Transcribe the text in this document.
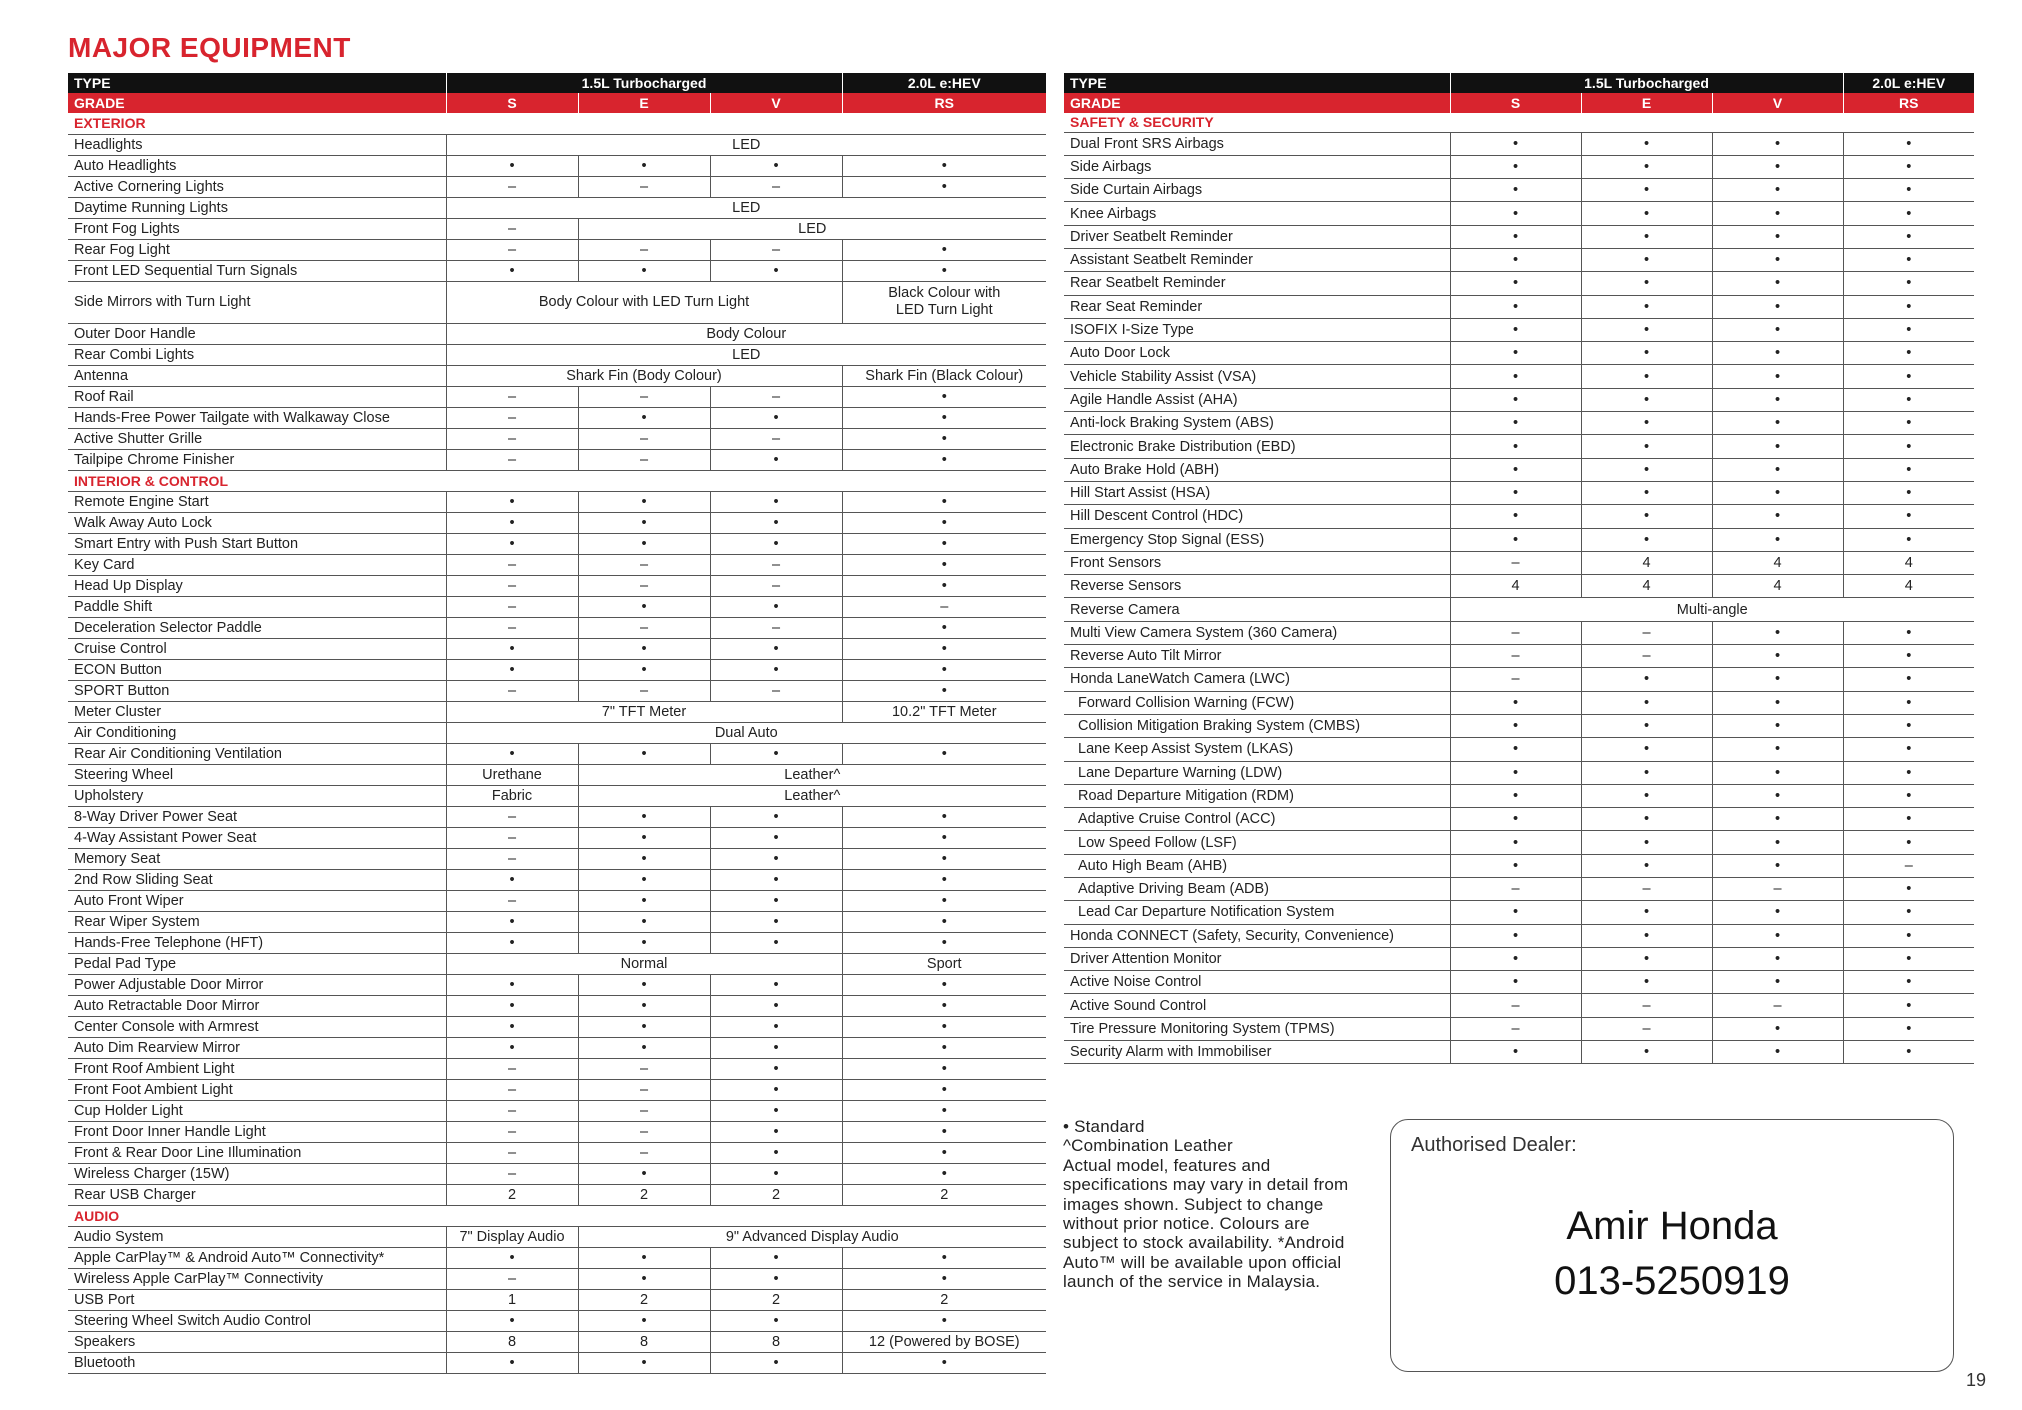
MAJOR EQUIPMENT
TYPE	1.5L Turbocharged			2.0L e:HEV
GRADE	S	E	V	RS
EXTERIOR				
Headlights	LED			
Auto Headlights	•	•	•	•
Active Cornering Lights	–	–	–	•
Daytime Running Lights	LED			
Front Fog Lights	–	LED		
Rear Fog Light	–	–	–	•
Front LED Sequential Turn Signals	•	•	•	•
Side Mirrors with Turn Light	Body Colour with LED Turn Light			Black Colour with
LED Turn Light
Outer Door Handle	Body Colour			
Rear Combi Lights	LED			
Antenna	Shark Fin (Body Colour)			Shark Fin (Black Colour)
Roof Rail	–	–	–	•
Hands-Free Power Tailgate with Walkaway Close	–	•	•	•
Active Shutter Grille	–	–	–	•
Tailpipe Chrome Finisher	–	–	•	•
INTERIOR & CONTROL				
Remote Engine Start	•	•	•	•
Walk Away Auto Lock	•	•	•	•
Smart Entry with Push Start Button	•	•	•	•
Key Card	–	–	–	•
Head Up Display	–	–	–	•
Paddle Shift	–	•	•	–
Deceleration Selector Paddle	–	–	–	•
Cruise Control	•	•	•	•
ECON Button	•	•	•	•
SPORT Button	–	–	–	•
Meter Cluster	7" TFT Meter			10.2" TFT Meter
Air Conditioning	Dual Auto			
Rear Air Conditioning Ventilation	•	•	•	•
Steering Wheel	Urethane	Leather^		
Upholstery	Fabric	Leather^		
8-Way Driver Power Seat	–	•	•	•
4-Way Assistant Power Seat	–	•	•	•
Memory Seat	–	•	•	•
2nd Row Sliding Seat	•	•	•	•
Auto Front Wiper	–	•	•	•
Rear Wiper System	•	•	•	•
Hands-Free Telephone (HFT)	•	•	•	•
Pedal Pad Type	Normal			Sport
Power Adjustable Door Mirror	•	•	•	•
Auto Retractable Door Mirror	•	•	•	•
Center Console with Armrest	•	•	•	•
Auto Dim Rearview Mirror	•	•	•	•
Front Roof Ambient Light	–	–	•	•
Front Foot Ambient Light	–	–	•	•
Cup Holder Light	–	–	•	•
Front Door Inner Handle Light	–	–	•	•
Front & Rear Door Line Illumination	–	–	•	•
Wireless Charger (15W)	–	•	•	•
Rear USB Charger	2	2	2	2
AUDIO				
Audio System	7" Display Audio	9" Advanced Display Audio		
Apple CarPlay™ & Android Auto™ Connectivity*	•	•	•	•
Wireless Apple CarPlay™ Connectivity	–	•	•	•
USB Port	1	2	2	2
Steering Wheel Switch Audio Control	•	•	•	•
Speakers	8	8	8	12 (Powered by BOSE)
Bluetooth	•	•	•	•
TYPE	1.5L Turbocharged			2.0L e:HEV
GRADE	S	E	V	RS
SAFETY & SECURITY				
Dual Front SRS Airbags	•	•	•	•
Side Airbags	•	•	•	•
Side Curtain Airbags	•	•	•	•
Knee Airbags	•	•	•	•
Driver Seatbelt Reminder	•	•	•	•
Assistant Seatbelt Reminder	•	•	•	•
Rear Seatbelt Reminder	•	•	•	•
Rear Seat Reminder	•	•	•	•
ISOFIX I-Size Type	•	•	•	•
Auto Door Lock	•	•	•	•
Vehicle Stability Assist (VSA)	•	•	•	•
Agile Handle Assist (AHA)	•	•	•	•
Anti-lock Braking System (ABS)	•	•	•	•
Electronic Brake Distribution (EBD)	•	•	•	•
Auto Brake Hold (ABH)	•	•	•	•
Hill Start Assist (HSA)	•	•	•	•
Hill Descent Control (HDC)	•	•	•	•
Emergency Stop Signal (ESS)	•	•	•	•
Front Sensors	–	4	4	4
Reverse Sensors	4	4	4	4
Reverse Camera	Multi-angle			
Multi View Camera System (360 Camera)	–	–	•	•
Reverse Auto Tilt Mirror	–	–	•	•
Honda LaneWatch Camera (LWC)	–	•	•	•
Forward Collision Warning (FCW)	•	•	•	•
Collision Mitigation Braking System (CMBS)	•	•	•	•
Lane Keep Assist System (LKAS)	•	•	•	•
Lane Departure Warning (LDW)	•	•	•	•
Road Departure Mitigation (RDM)	•	•	•	•
Adaptive Cruise Control (ACC)	•	•	•	•
Low Speed Follow (LSF)	•	•	•	•
Auto High Beam (AHB)	•	•	•	–
Adaptive Driving Beam (ADB)	–	–	–	•
Lead Car Departure Notification System	•	•	•	•
Honda CONNECT (Safety, Security, Convenience)	•	•	•	•
Driver Attention Monitor	•	•	•	•
Active Noise Control	•	•	•	•
Active Sound Control	–	–	–	•
Tire Pressure Monitoring System (TPMS)	–	–	•	•
Security Alarm with Immobiliser	•	•	•	•
• Standard
^Combination Leather
Actual model, features and specifications may vary in detail from images shown. Subject to change without prior notice. Colours are subject to stock availability. *Android Auto™ will be available upon official launch of the service in Malaysia.
Authorised Dealer:
Amir Honda
013-5250919
19
